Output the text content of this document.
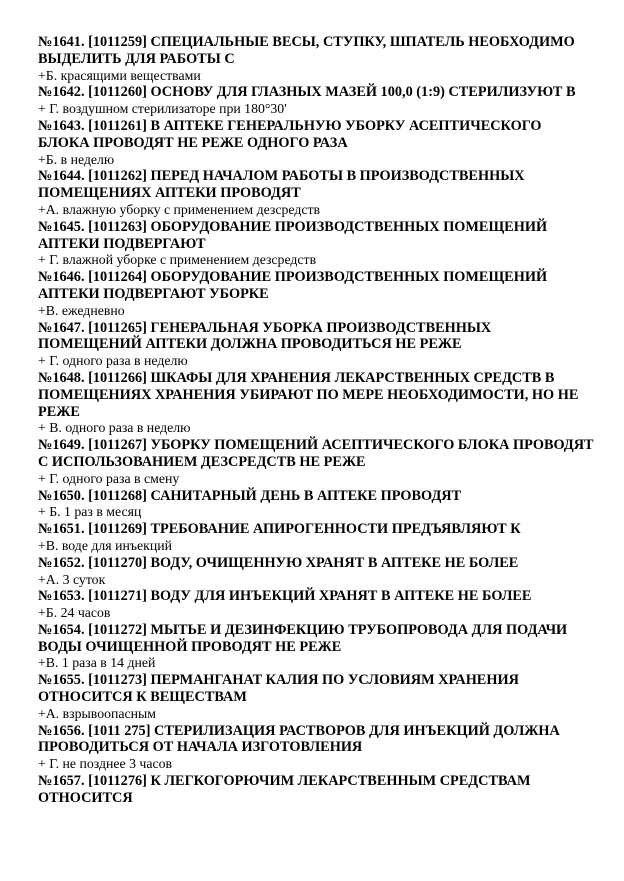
№1641. [1011259] СПЕЦИАЛЬНЫЕ ВЕСЫ, СТУПКУ, ШПАТЕЛЬ НЕОБХОДИМО ВЫДЕЛИТЬ ДЛЯ РАБОТЫ С
+Б. красящими веществами
№1642. [1011260] ОСНОВУ ДЛЯ ГЛАЗНЫХ МАЗЕЙ 100,0 (1:9) СТЕРИЛИЗУЮТ В
+ Г. воздушном стерилизаторе при 180°30'
№1643. [1011261] В АПТЕКЕ ГЕНЕРАЛЬНУЮ УБОРКУ АСЕПТИЧЕСКОГО БЛОКА ПРОВОДЯТ НЕ РЕЖЕ ОДНОГО РАЗА
+Б. в неделю
№1644. [1011262] ПЕРЕД НАЧАЛОМ РАБОТЫ В ПРОИЗВОДСТВЕННЫХ ПОМЕЩЕНИЯХ АПТЕКИ ПРОВОДЯТ
+А. влажную уборку с применением дезсредств
№1645. [1011263] ОБОРУДОВАНИЕ ПРОИЗВОДСТВЕННЫХ ПОМЕЩЕНИЙ АПТЕКИ ПОДВЕРГАЮТ
+ Г. влажной уборке с применением дезсредств
№1646. [1011264] ОБОРУДОВАНИЕ ПРОИЗВОДСТВЕННЫХ ПОМЕЩЕНИЙ АПТЕКИ ПОДВЕРГАЮТ УБОРКЕ
+В. ежедневно
№1647. [1011265] ГЕНЕРАЛЬНАЯ УБОРКА ПРОИЗВОДСТВЕННЫХ ПОМЕЩЕНИЙ АПТЕКИ ДОЛЖНА ПРОВОДИТЬСЯ НЕ РЕЖЕ
+ Г. одного раза в неделю
№1648. [1011266] ШКАФЫ ДЛЯ ХРАНЕНИЯ ЛЕКАРСТВЕННЫХ СРЕДСТВ В ПОМЕЩЕНИЯХ ХРАНЕНИЯ УБИРАЮТ ПО МЕРЕ НЕОБХОДИМОСТИ, НО НЕ РЕЖЕ
+ В. одного раза в неделю
№1649. [1011267] УБОРКУ ПОМЕЩЕНИЙ АСЕПТИЧЕСКОГО БЛОКА ПРОВОДЯТ С ИСПОЛЬЗОВАНИЕМ ДЕЗСРЕДСТВ НЕ РЕЖЕ
+ Г. одного раза в смену
№1650. [1011268] САНИТАРНЫЙ ДЕНЬ В АПТЕКЕ ПРОВОДЯТ
+ Б. 1 раз в месяц
№1651. [1011269] ТРЕБОВАНИЕ АПИРОГЕННОСТИ ПРЕДЪЯВЛЯЮТ К
+В. воде для инъекций
№1652. [1011270] ВОДУ, ОЧИЩЕННУЮ ХРАНЯТ В АПТЕКЕ НЕ БОЛЕЕ
+А. 3 суток
№1653. [1011271] ВОДУ ДЛЯ ИНЪЕКЦИЙ ХРАНЯТ В АПТЕКЕ НЕ БОЛЕЕ
+Б. 24 часов
№1654. [1011272] МЫТЬЕ И ДЕЗИНФЕКЦИЮ ТРУБОПРОВОДА ДЛЯ ПОДАЧИ ВОДЫ ОЧИЩЕННОЙ ПРОВОДЯТ НЕ РЕЖЕ
+В. 1 раза в 14 дней
№1655. [1011273] ПЕРМАНГАНАТ КАЛИЯ ПО УСЛОВИЯМ ХРАНЕНИЯ ОТНОСИТСЯ К ВЕЩЕСТВАМ
+А. взрывоопасным
№1656. [1011 275] СТЕРИЛИЗАЦИЯ РАСТВОРОВ ДЛЯ ИНЪЕКЦИЙ ДОЛЖНА ПРОВОДИТЬСЯ ОТ НАЧАЛА ИЗГОТОВЛЕНИЯ
+ Г. не позднее 3 часов
№1657. [1011276] К ЛЕГКОГОРЮЧИМ ЛЕКАРСТВЕННЫМ СРЕДСТВАМ ОТНОСИТСЯ
